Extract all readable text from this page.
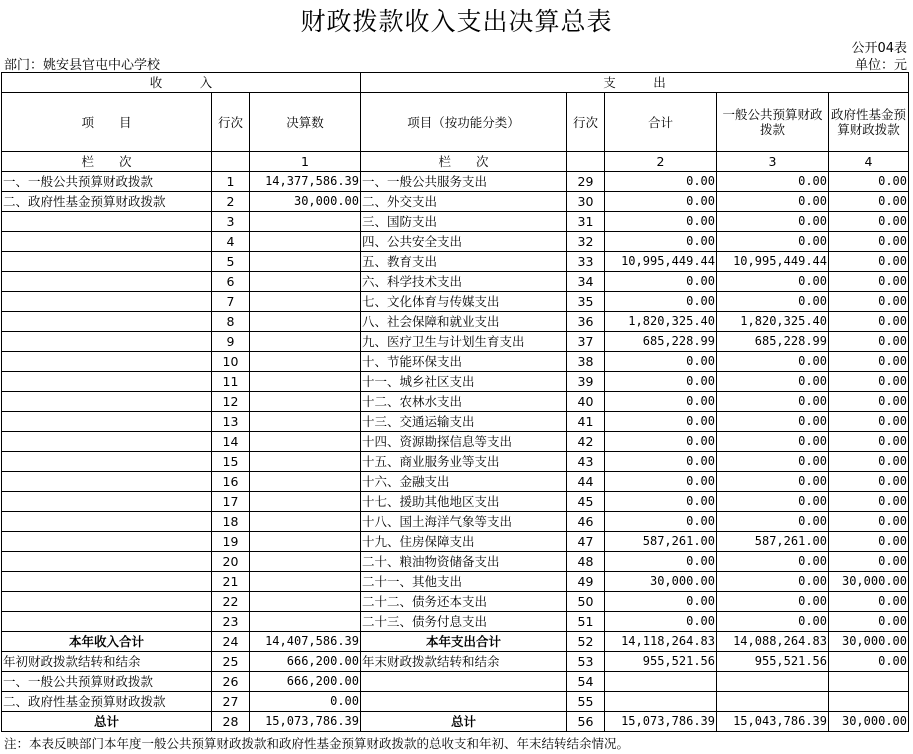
财政拨款收入支出决算总表
公开04表
部门：姚安县官屯中心学校	单位：元
收　　　入			支　　　出				
项　　目	行次	决算数	项目（按功能分类）	行次	合计	一般公共预算财政拨款	政府性基金预算财政拨款
栏　　次		1	栏　　次		2	3	4
一、一般公共预算财政拨款	1	14,377,586.39	一、一般公共服务支出	29	0.00	0.00	0.00
二、政府性基金预算财政拨款	2	30,000.00	二、外交支出	30	0.00	0.00	0.00
	3		三、国防支出	31	0.00	0.00	0.00
	4		四、公共安全支出	32	0.00	0.00	0.00
	5		五、教育支出	33	10,995,449.44	10,995,449.44	0.00
	6		六、科学技术支出	34	0.00	0.00	0.00
	7		七、文化体育与传媒支出	35	0.00	0.00	0.00
	8		八、社会保障和就业支出	36	1,820,325.40	1,820,325.40	0.00
	9		九、医疗卫生与计划生育支出	37	685,228.99	685,228.99	0.00
	10		十、节能环保支出	38	0.00	0.00	0.00
	11		十一、城乡社区支出	39	0.00	0.00	0.00
	12		十二、农林水支出	40	0.00	0.00	0.00
	13		十三、交通运输支出	41	0.00	0.00	0.00
	14		十四、资源勘探信息等支出	42	0.00	0.00	0.00
	15		十五、商业服务业等支出	43	0.00	0.00	0.00
	16		十六、金融支出	44	0.00	0.00	0.00
	17		十七、援助其他地区支出	45	0.00	0.00	0.00
	18		十八、国土海洋气象等支出	46	0.00	0.00	0.00
	19		十九、住房保障支出	47	587,261.00	587,261.00	0.00
	20		二十、粮油物资储备支出	48	0.00	0.00	0.00
	21		二十一、其他支出	49	30,000.00	0.00	30,000.00
	22		二十二、债务还本支出	50	0.00	0.00	0.00
	23		二十三、债务付息支出	51	0.00	0.00	0.00
本年收入合计	24	14,407,586.39	本年支出合计	52	14,118,264.83	14,088,264.83	30,000.00
年初财政拨款结转和结余	25	666,200.00	年末财政拨款结转和结余	53	955,521.56	955,521.56	0.00
一、一般公共预算财政拨款	26	666,200.00		54			
二、政府性基金预算财政拨款	27	0.00		55			
总计	28	15,073,786.39	总计	56	15,073,786.39	15,043,786.39	30,000.00
注：本表反映部门本年度一般公共预算财政拨款和政府性基金预算财政拨款的总收支和年初、年末结转结余情况。
